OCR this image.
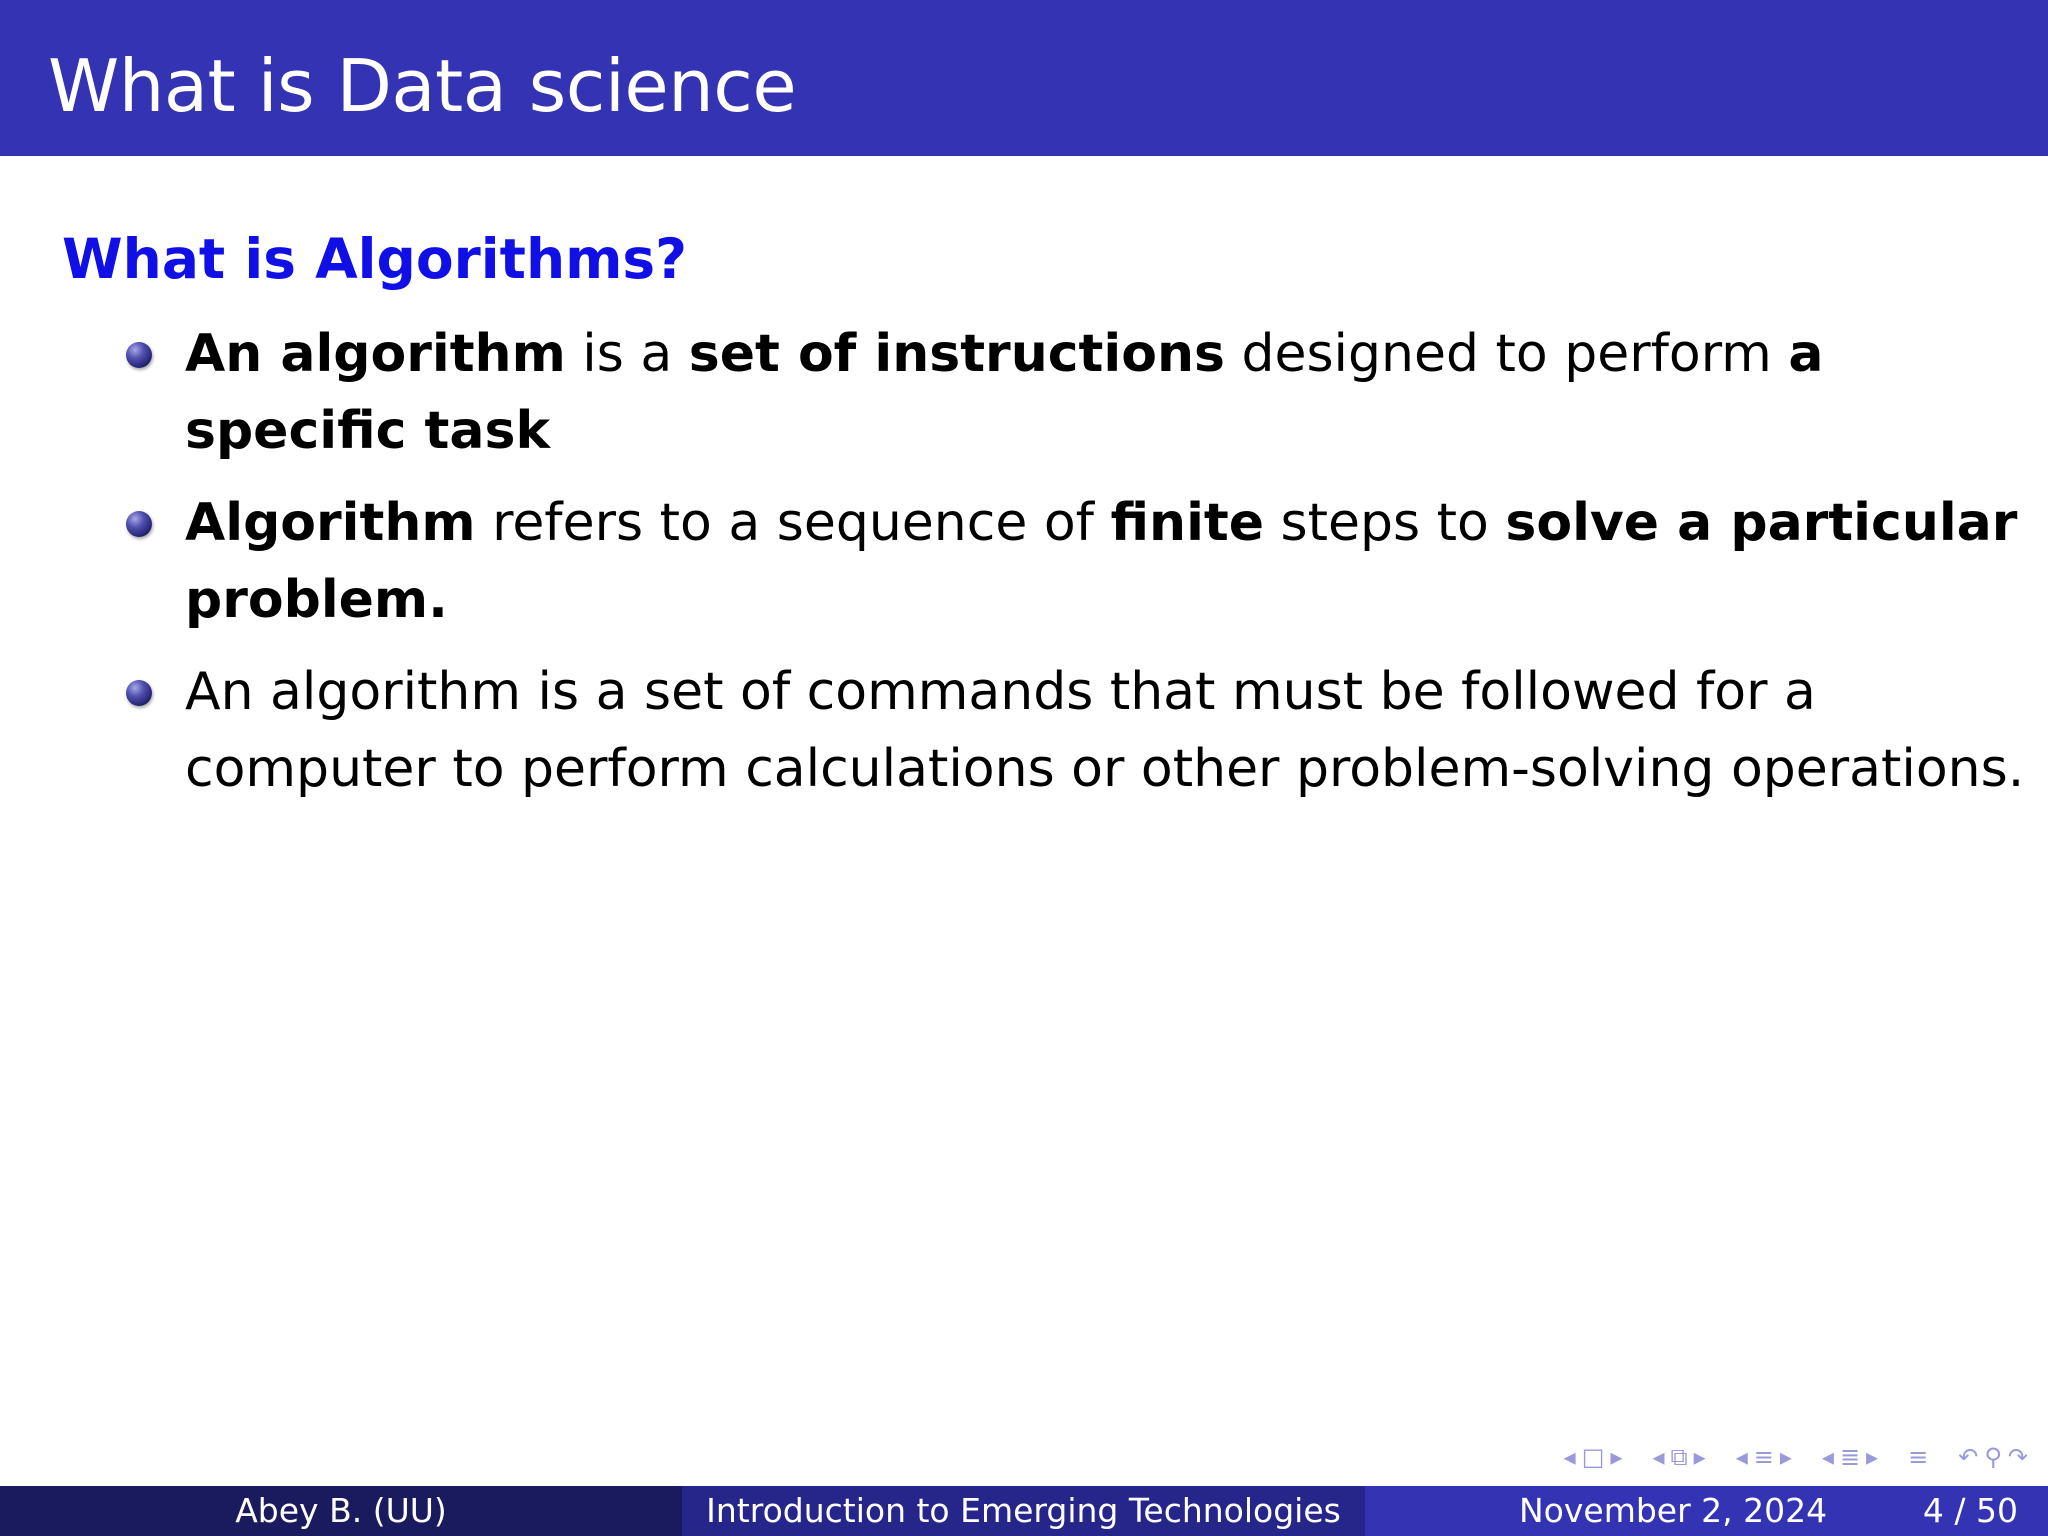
What is Data science
What is Algorithms?
An algorithm is a set of instructions designed to perform a
specific task
Algorithm refers to a sequence of finite steps to solve a particular
problem.
An algorithm is a set of commands that must be followed for a
computer to perform calculations or other problem-solving operations.
◂ □ ▸ ◂ ⧉ ▸ ◂ ≡ ▸ ◂ ≣ ▸ ≡ ↶ ⚲ ↷
Abey B. (UU)	Introduction to Emerging Technologies	November 2, 2024	4 / 50
